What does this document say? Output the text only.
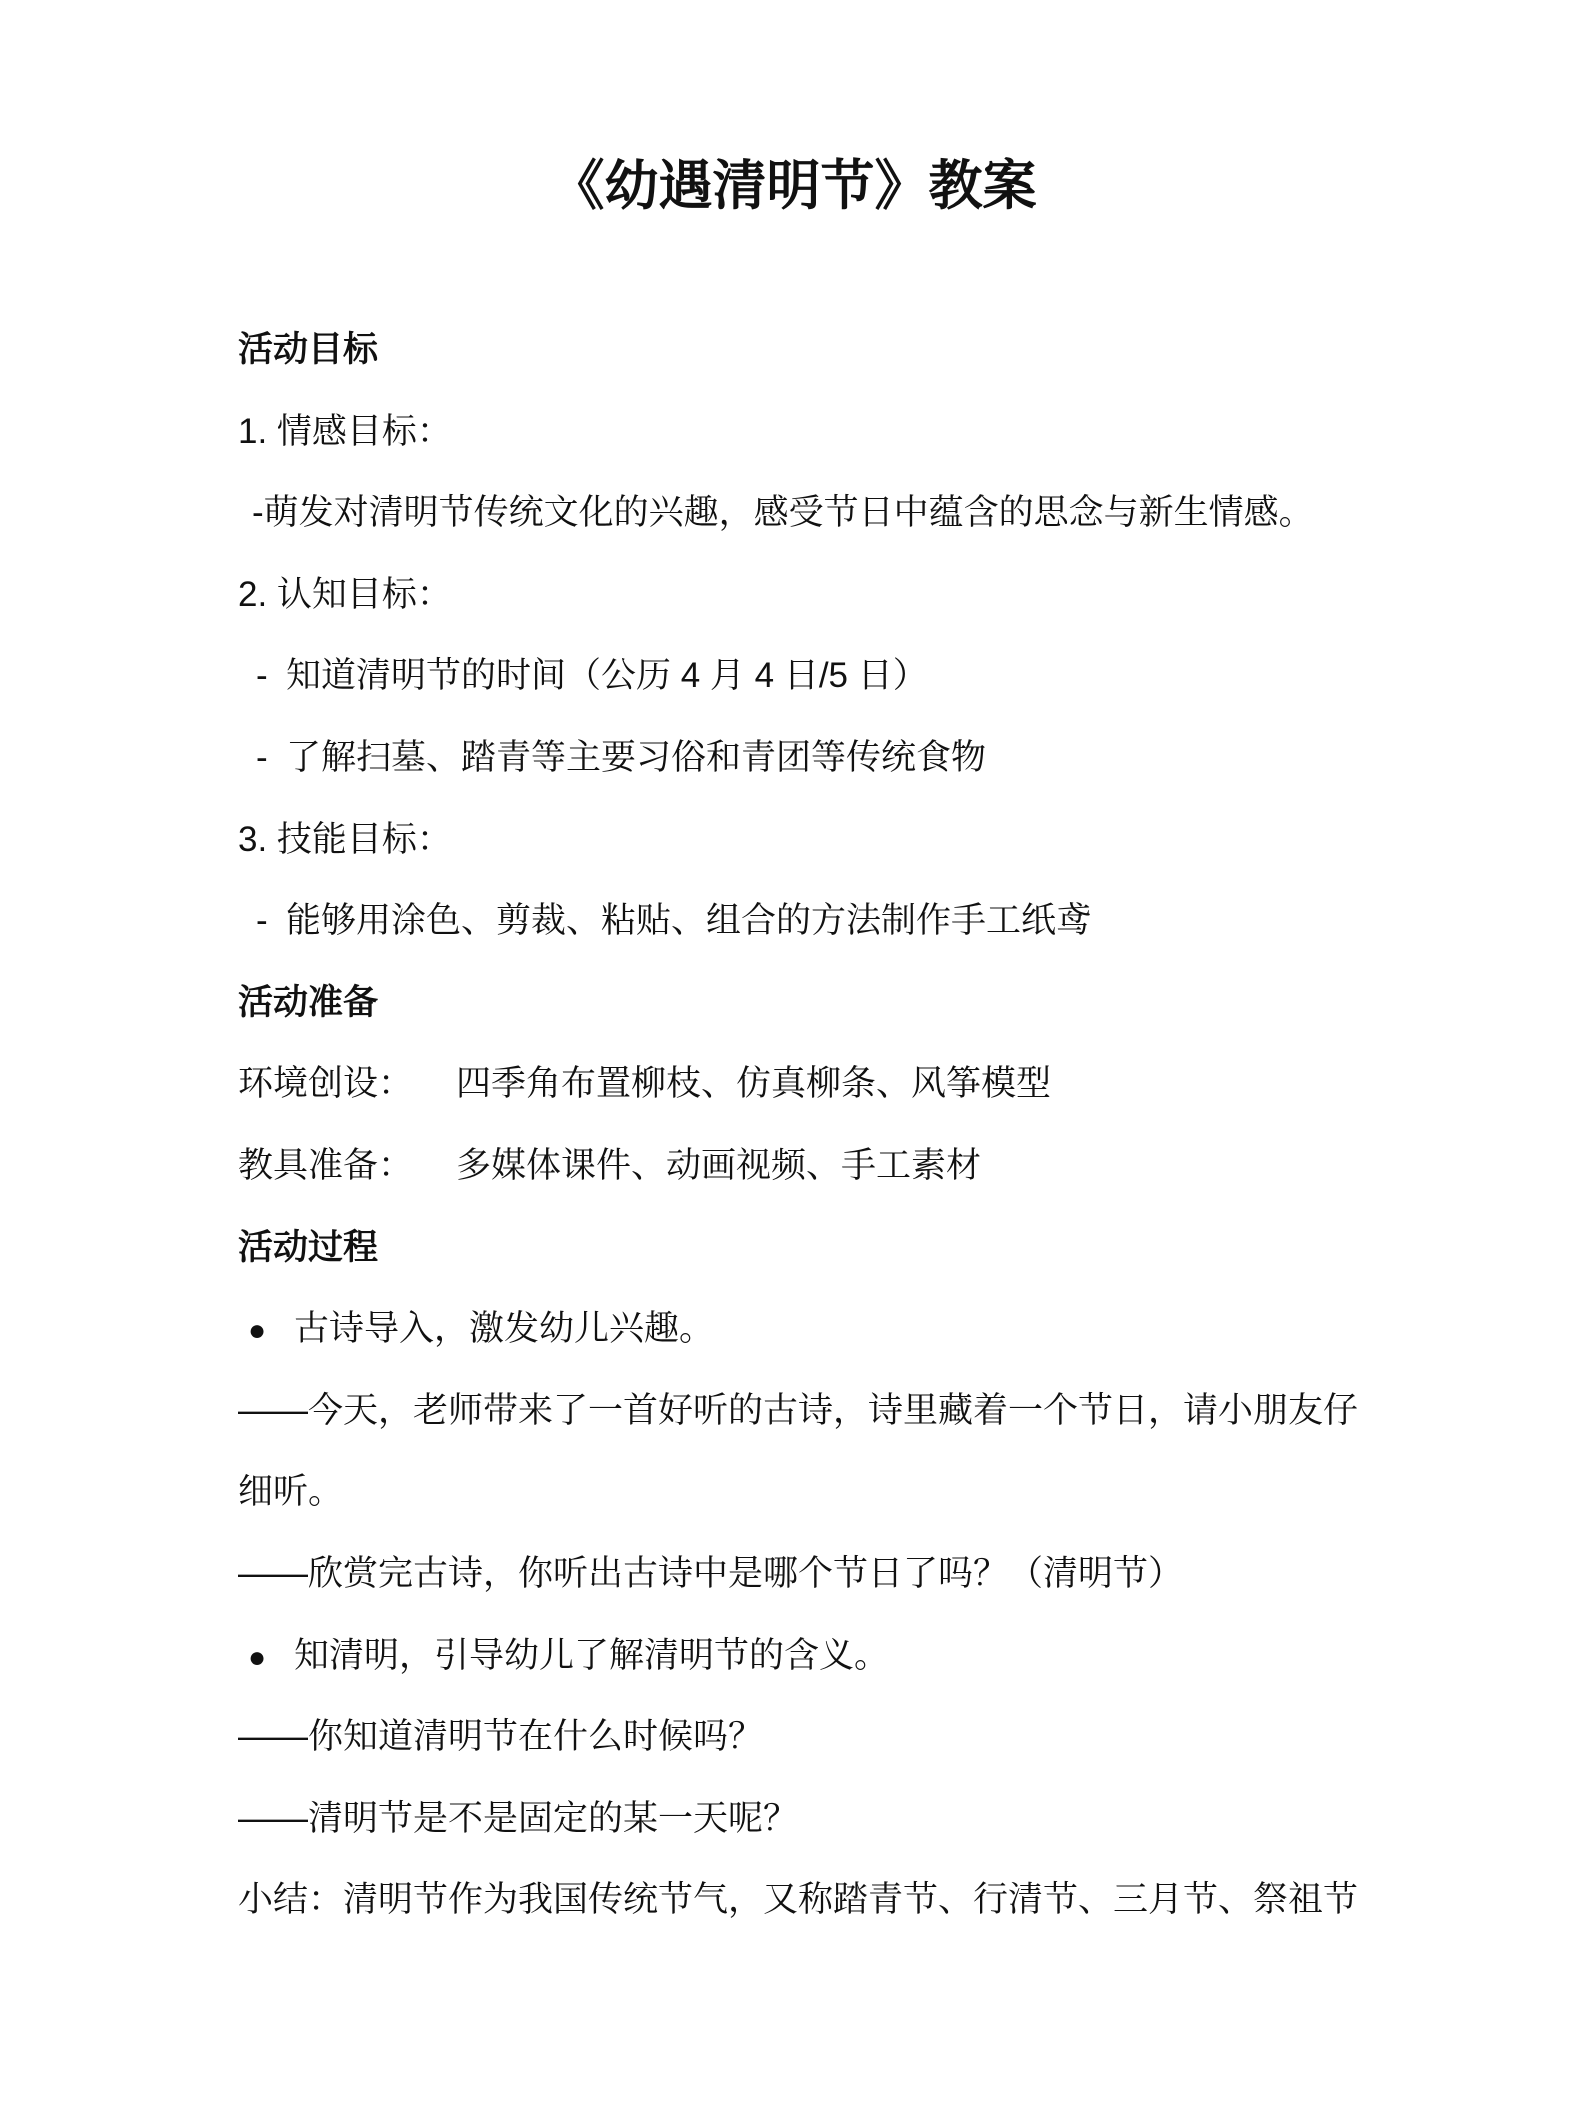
《幼遇清明节》教案
活动目标
1. 情感目标：
-萌发对清明节传统文化的兴趣，感受节日中蕴含的思念与新生情感。
2. 认知目标：
- 知道清明节的时间（公历 4 月 4 日/5 日）
- 了解扫墓、踏青等主要习俗和青团等传统食物
3. 技能目标：
- 能够用涂色、剪裁、粘贴、组合的方法制作手工纸鸢
活动准备
环境创设： 四季角布置柳枝、仿真柳条、风筝模型
教具准备： 多媒体课件、动画视频、手工素材
活动过程
● 古诗导入，激发幼儿兴趣。
——今天，老师带来了一首好听的古诗，诗里藏着一个节日，请小朋友仔
细听。
——欣赏完古诗，你听出古诗中是哪个节日了吗？（清明节）
● 知清明，引导幼儿了解清明节的含义。
——你知道清明节在什么时候吗？
——清明节是不是固定的某一天呢？
小结：清明节作为我国传统节气，又称踏青节、行清节、三月节、祭祖节
